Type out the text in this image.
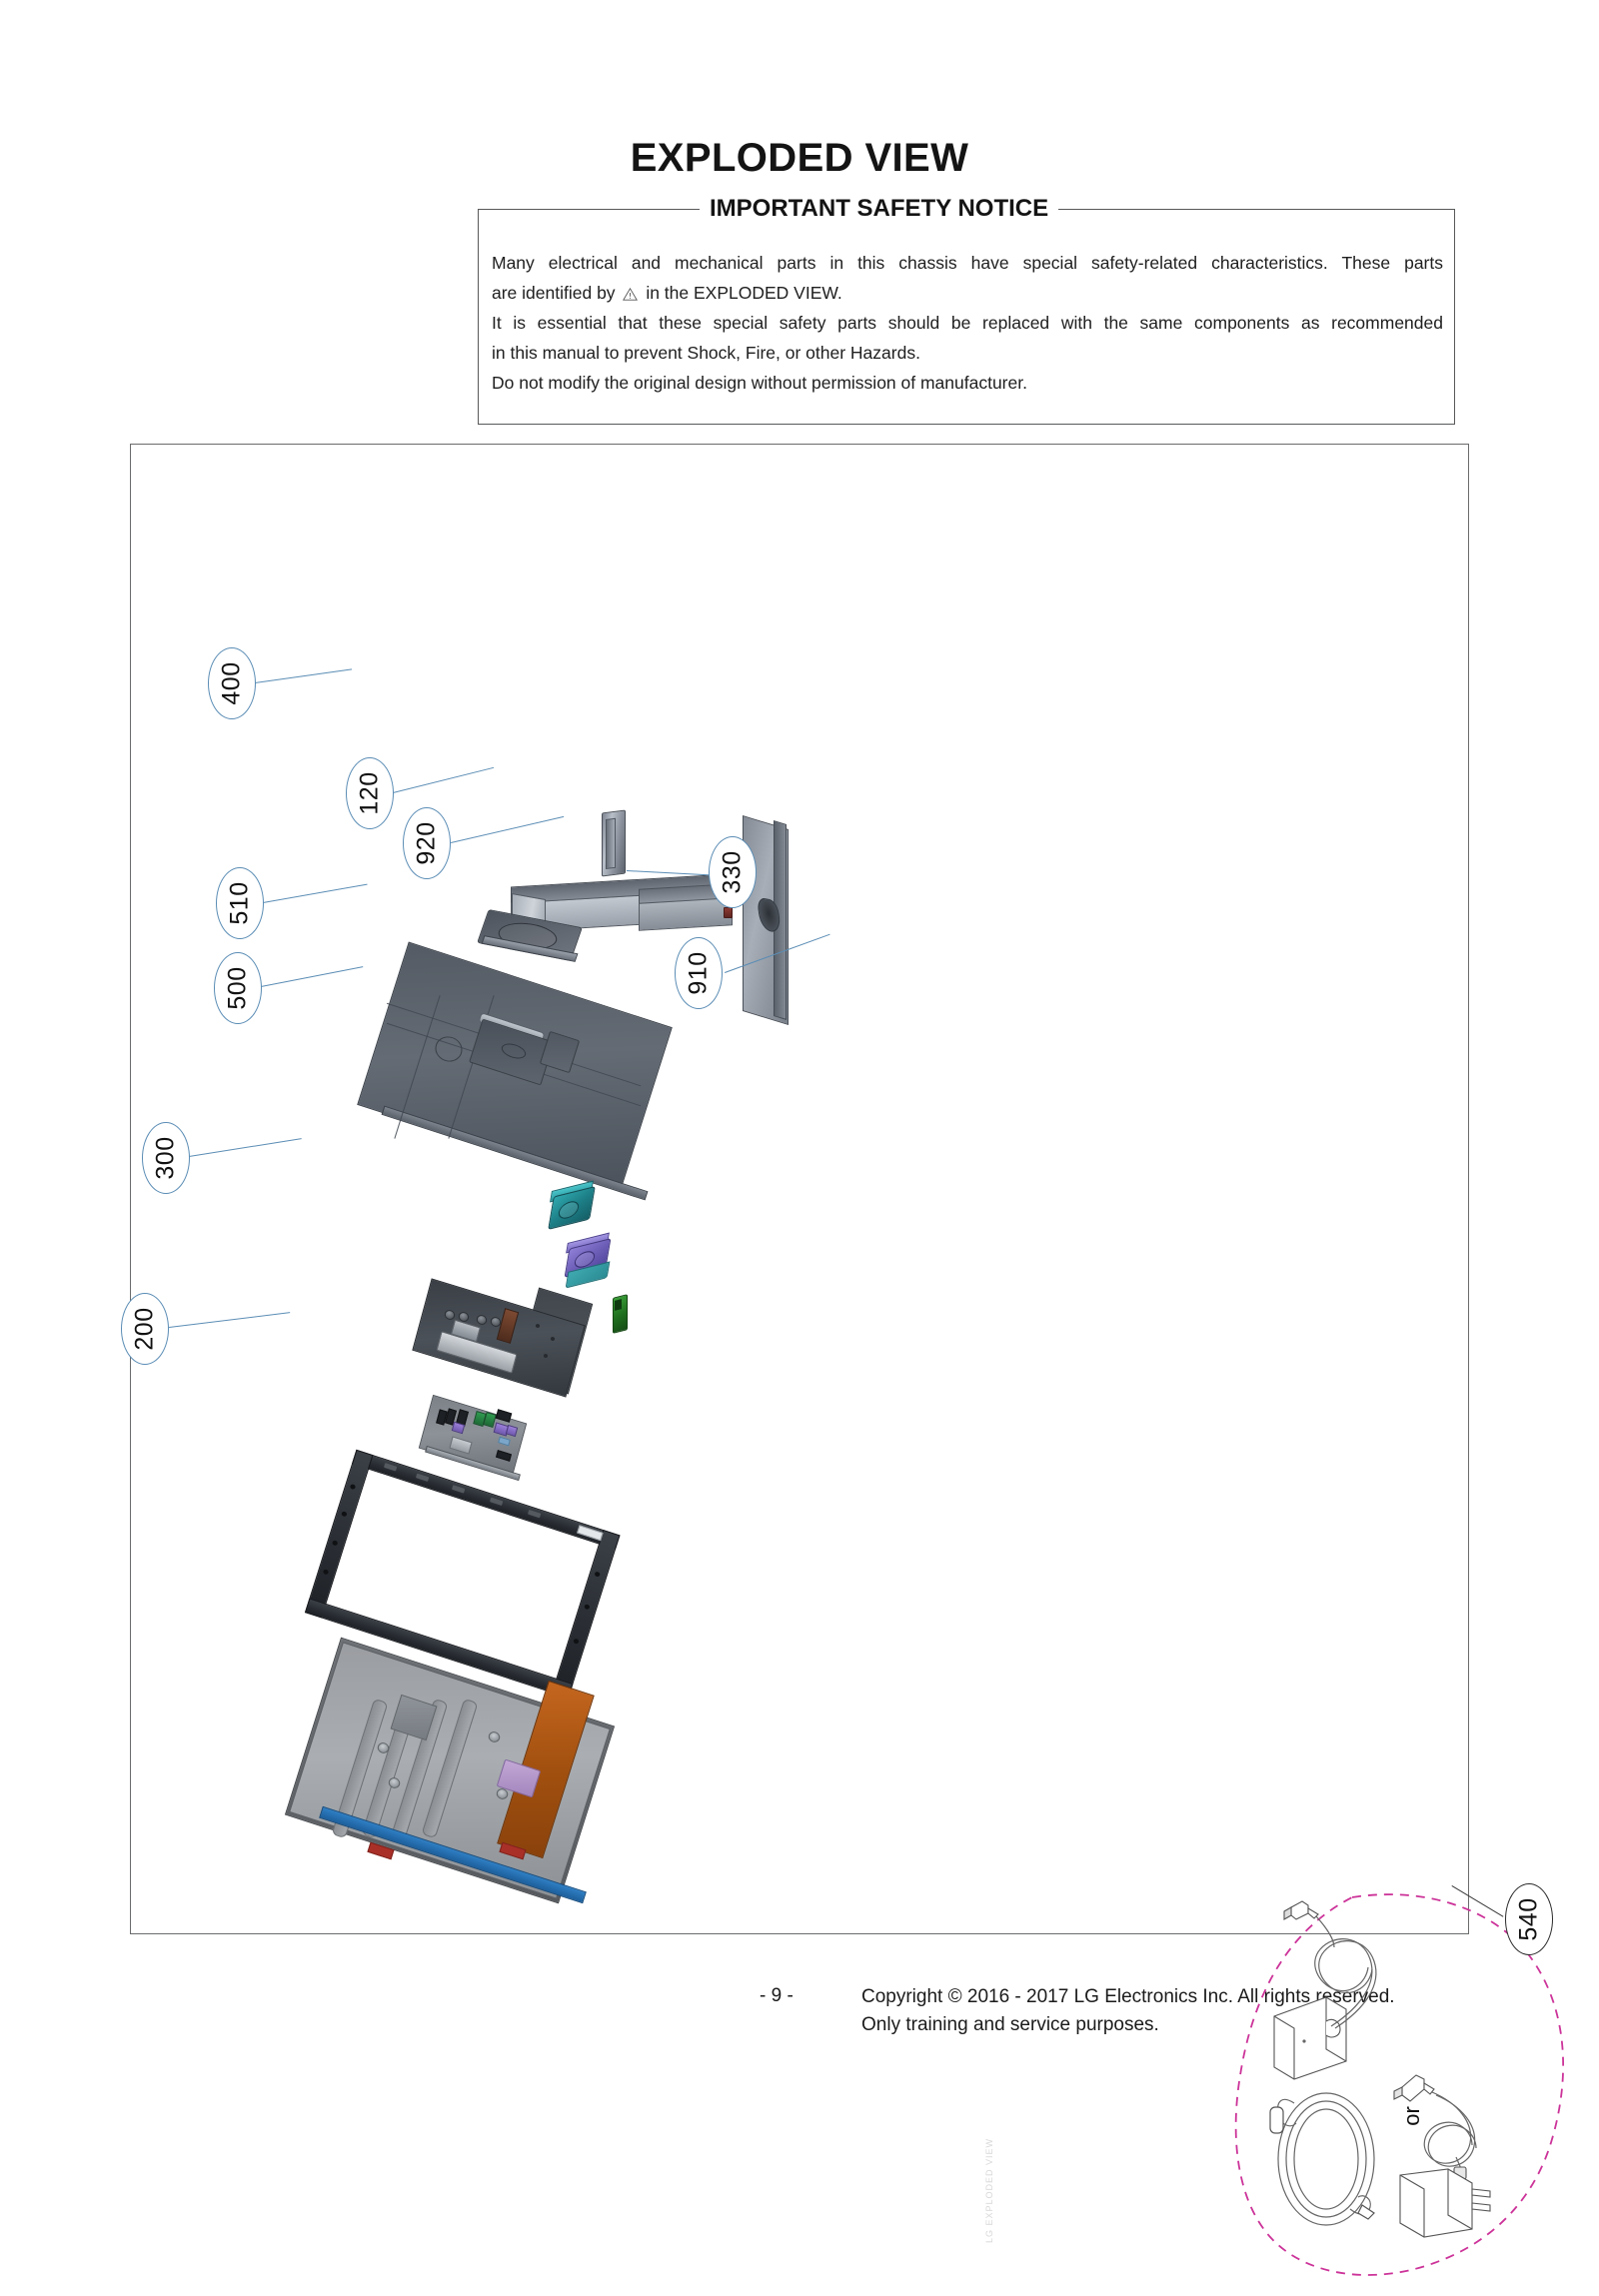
EXPLODED VIEW
IMPORTANT SAFETY NOTICE

Many electrical and mechanical parts in this chassis have special safety-related characteristics. These parts

are identified by in the EXPLODED VIEW.

It is essential that these special safety parts should be replaced with the same components as recommended

in this manual to prevent Shock, Fire, or other Hazards.

Do not modify the original design without permission of manufacturer.

or
920
910
400
120
330
510
500
300
200
540
LG EXPLODED VIEW
- 9 -	Copyright © 2016 - 2017 LG Electronics Inc. All rights reserved.
Only training and service purposes.
